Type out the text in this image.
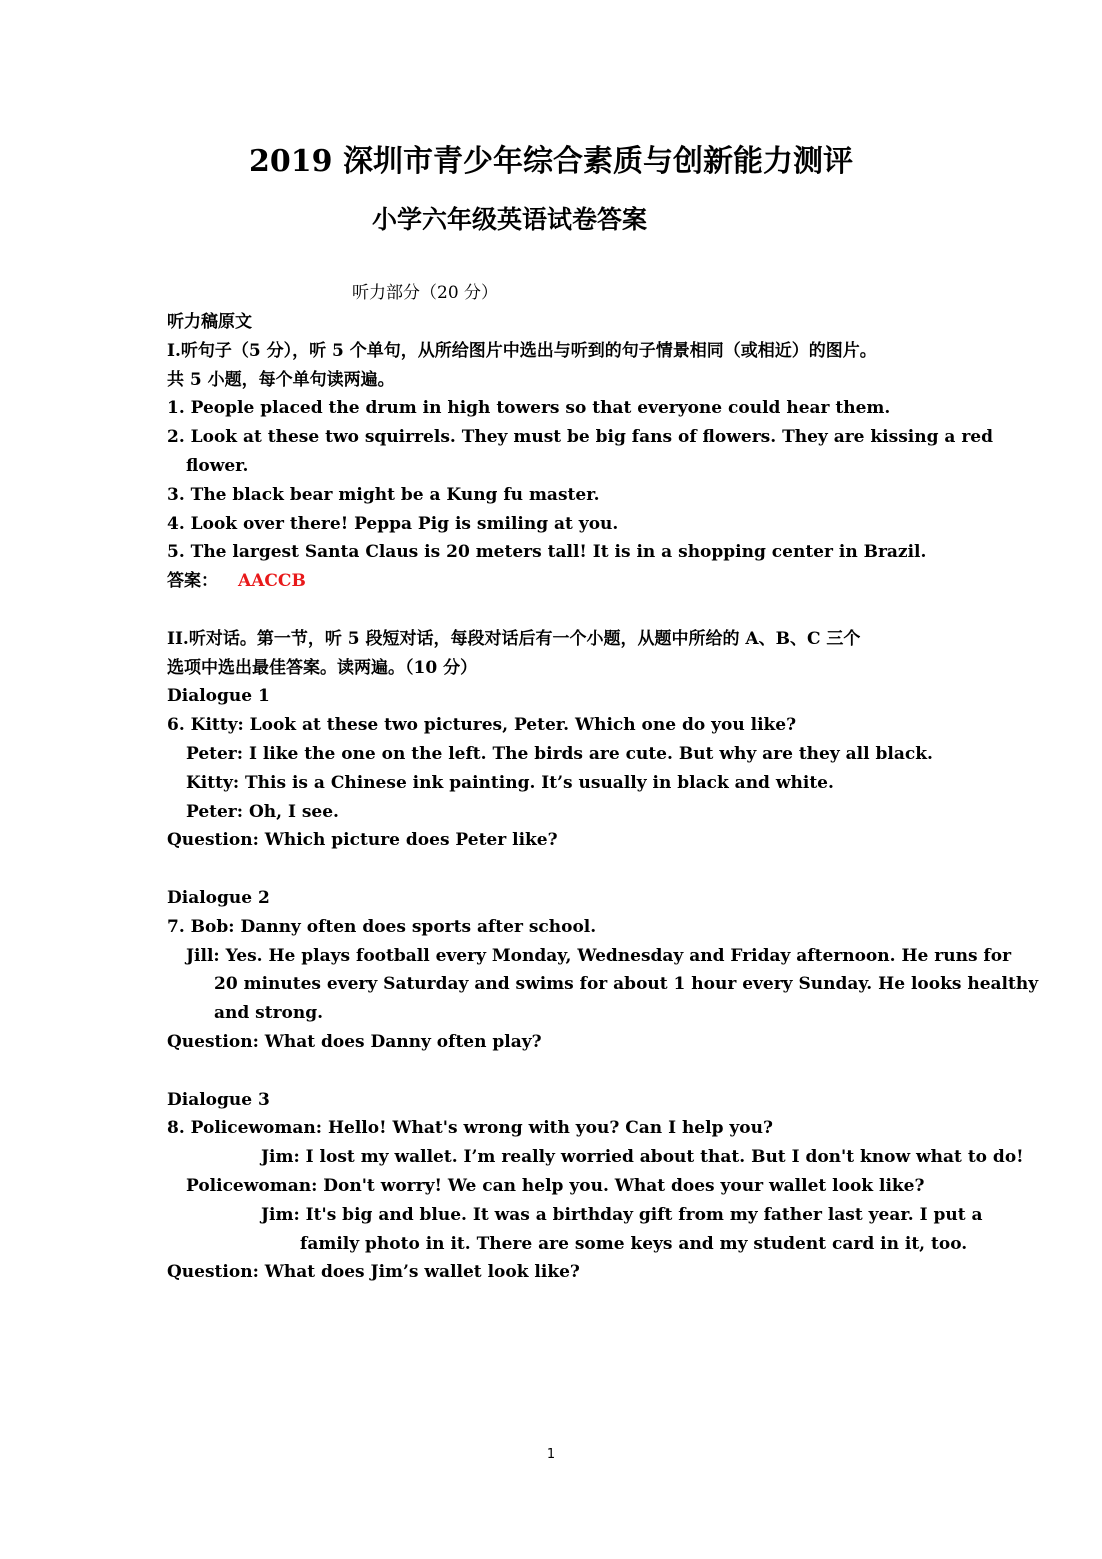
2019 深圳市青少年综合素质与创新能力测评
小学六年级英语试卷答案
听力部分（20 分）
听力稿原文
I.听句子（5 分），听 5 个单句，从所给图片中选出与听到的句子情景相同（或相近）的图片。
共 5 小题，每个单句读两遍。
1. People placed the drum in high towers so that everyone could hear them.
2. Look at these two squirrels. They must be big fans of flowers. They are kissing a red
flower.
3. The black bear might be a Kung fu master.
4. Look over there! Peppa Pig is smiling at you.
5. The largest Santa Claus is 20 meters tall! It is in a shopping center in Brazil.
答案： AACCB
II.听对话。第一节，听 5 段短对话，每段对话后有一个小题，从题中所给的 A、B、C 三个
选项中选出最佳答案。读两遍。（10 分）
Dialogue 1
6. Kitty: Look at these two pictures, Peter. Which one do you like?
Peter: I like the one on the left. The birds are cute. But why are they all black.
Kitty: This is a Chinese ink painting. It’s usually in black and white.
Peter: Oh, I see.
Question: Which picture does Peter like?
Dialogue 2
7. Bob: Danny often does sports after school.
Jill: Yes. He plays football every Monday, Wednesday and Friday afternoon. He runs for
20 minutes every Saturday and swims for about 1 hour every Sunday. He looks healthy
and strong.
Question: What does Danny often play?
Dialogue 3
8. Policewoman: Hello! What's wrong with you? Can I help you?
Jim: I lost my wallet. I’m really worried about that. But I don't know what to do!
Policewoman: Don't worry! We can help you. What does your wallet look like?
Jim: It's big and blue. It was a birthday gift from my father last year. I put a
family photo in it. There are some keys and my student card in it, too.
Question: What does Jim’s wallet look like?
1
